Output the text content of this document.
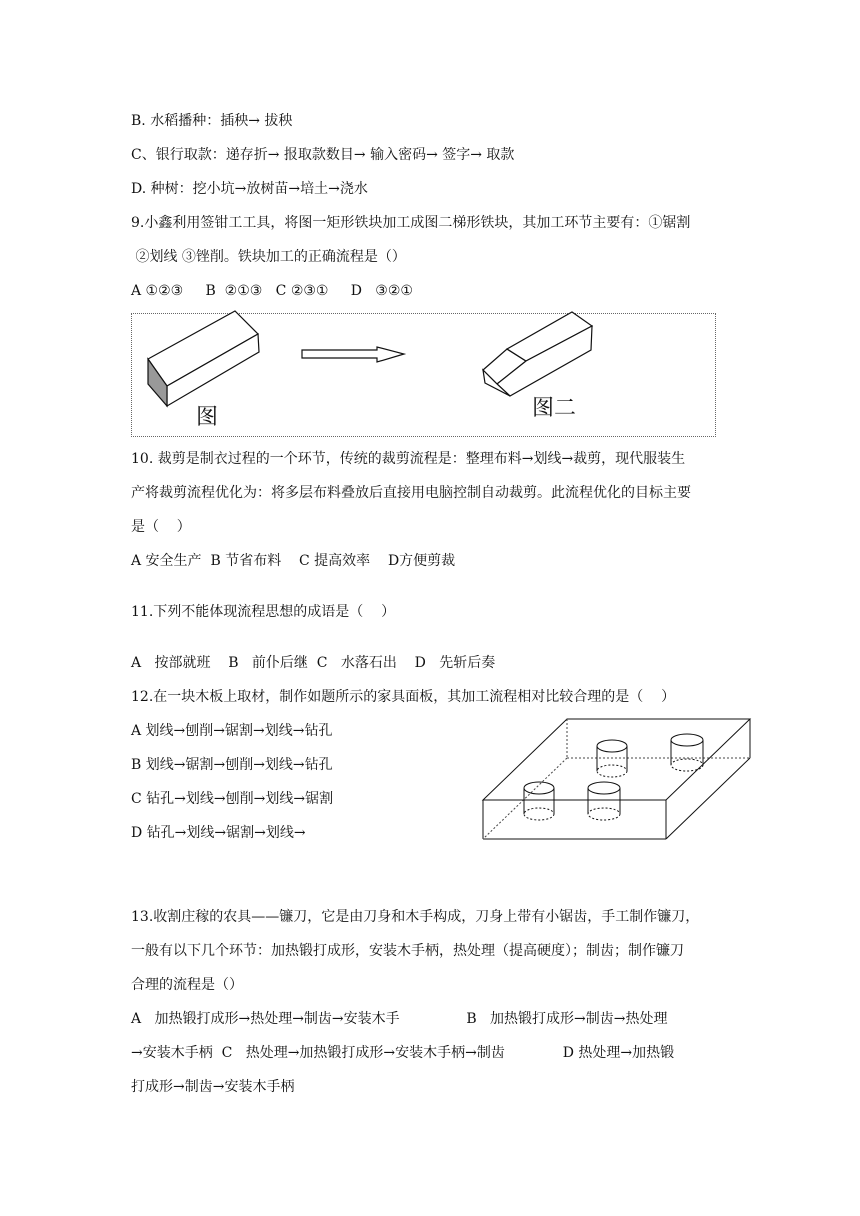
B. 水稻播种：插秧→ 拔秧

C、银行取款：递存折→ 报取款数目→ 输入密码→ 签字→ 取款

D. 种树：挖小坑→放树苗→培土→浇水

9.小鑫利用签钳工工具，将图一矩形铁块加工成图二梯形铁块，其加工环节主要有：①锯割

②划线 ③锉削。铁块加工的正确流程是（）

A ①②③     B  ②①③   C ②③①     D   ③②①

图	图二

10. 裁剪是制衣过程的一个环节，传统的裁剪流程是：整理布料→划线→裁剪，现代服装生

产将裁剪流程优化为：将多层布料叠放后直接用电脑控制自动裁剪。此流程优化的目标主要

是（    ）

A 安全生产  B 节省布料    C 提高效率    D方便剪裁

11.下列不能体现流程思想的成语是（    ）

A   按部就班    B   前仆后继  C   水落石出    D   先斩后奏

12.在一块木板上取材，制作如题所示的家具面板，其加工流程相对比较合理的是（    ）

A 划线→刨削→锯割→划线→钻孔

B 划线→锯割→刨削→划线→钻孔

C 钻孔→划线→刨削→划线→锯割

D 钻孔→划线→锯割→划线→

13.收割庄稼的农具——镰刀，它是由刀身和木手构成，刀身上带有小锯齿，手工制作镰刀，

一般有以下几个环节：加热锻打成形，安装木手柄，热处理（提高硬度）；制齿；制作镰刀

合理的流程是（）

A   加热锻打成形→热处理→制齿→安装木手               B   加热锻打成形→制齿→热处理

→安装木手柄  C   热处理→加热锻打成形→安装木手柄→制齿             D 热处理→加热锻

打成形→制齿→安装木手柄
